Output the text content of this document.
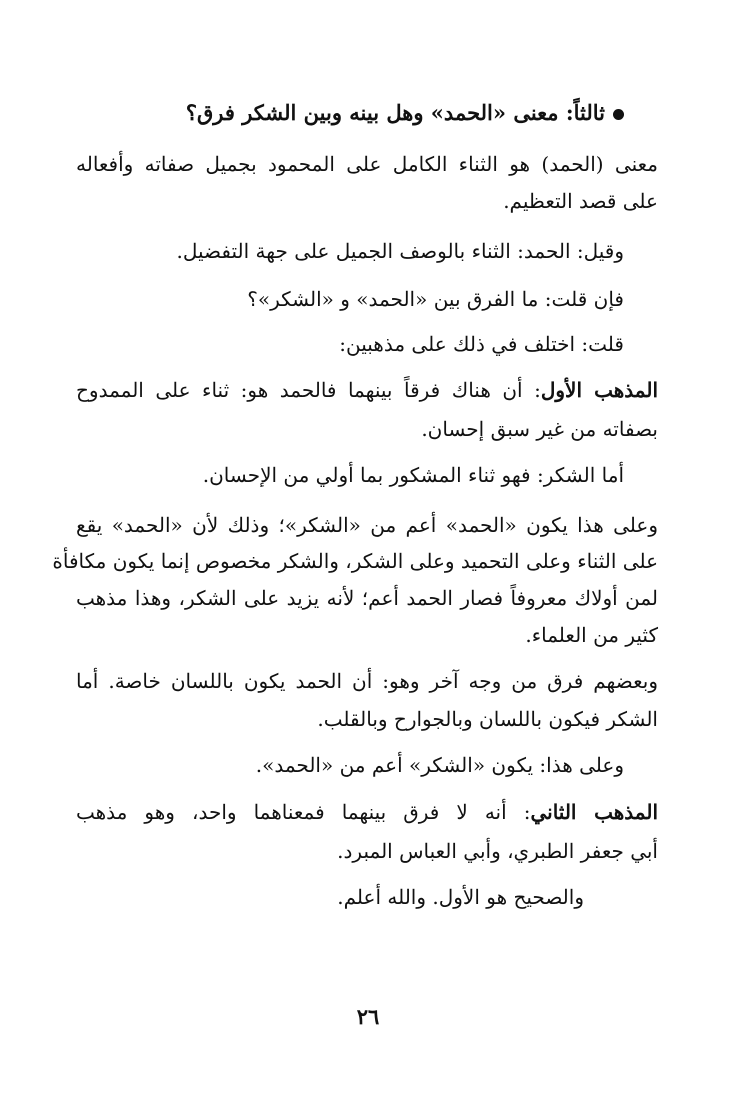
ثالثاً: معنى «الحمد» وهل بينه وبين الشكر فرق؟
معنى (الحمد) هو الثناء الكامل على المحمود بجميل صفاته وأفعاله
على قصد التعظيم.
وقيل: الحمد: الثناء بالوصف الجميل على جهة التفضيل.
فإن قلت: ما الفرق بين «الحمد» و «الشكر»؟
قلت: اختلف في ذلك على مذهبين:
المذهب الأول: أن هناك فرقاً بينهما فالحمد هو: ثناء على الممدوح
بصفاته من غير سبق إحسان.
أما الشكر: فهو ثناء المشكور بما أولي من الإحسان.
وعلى هذا يكون «الحمد» أعم من «الشكر»؛ وذلك لأن «الحمد» يقع
على الثناء وعلى التحميد وعلى الشكر، والشكر مخصوص إنما يكون مكافأة
لمن أولاك معروفاً فصار الحمد أعم؛ لأنه يزيد على الشكر، وهذا مذهب
كثير من العلماء.
وبعضهم فرق من وجه آخر وهو: أن الحمد يكون باللسان خاصة. أما
الشكر فيكون باللسان وبالجوارح وبالقلب.
وعلى هذا: يكون «الشكر» أعم من «الحمد».
المذهب الثاني: أنه لا فرق بينهما فمعناهما واحد، وهو مذهب
أبي جعفر الطبري، وأبي العباس المبرد.
والصحيح هو الأول. والله أعلم.
٢٦
